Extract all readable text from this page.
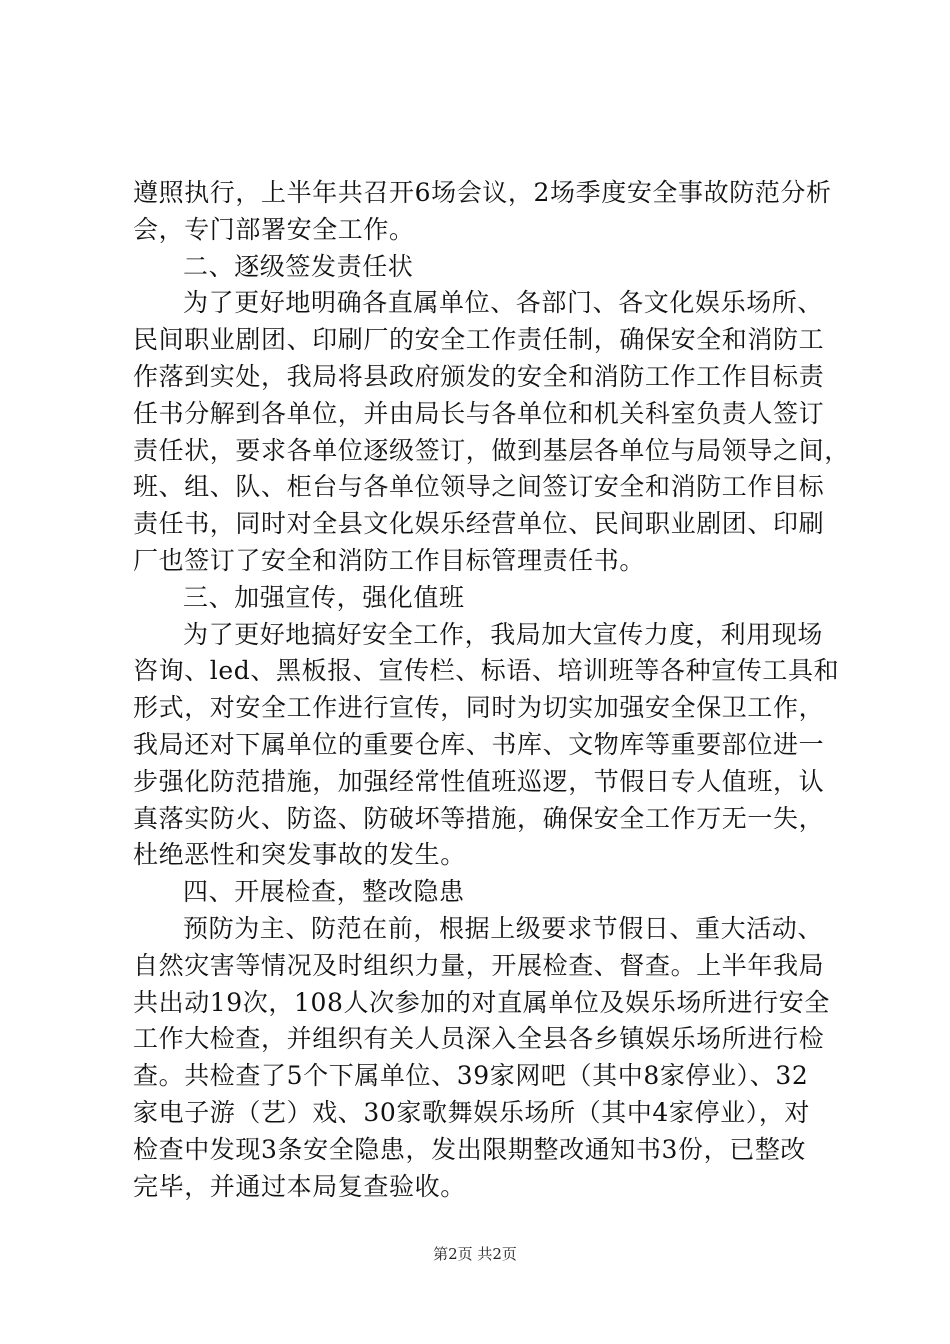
遵照执行，上半年共召开6场会议，2场季度安全事故防范分析
会，专门部署安全工作。
二、逐级签发责任状
为了更好地明确各直属单位、各部门、各文化娱乐场所、
民间职业剧团、印刷厂的安全工作责任制，确保安全和消防工
作落到实处，我局将县政府颁发的安全和消防工作工作目标责
任书分解到各单位，并由局长与各单位和机关科室负责人签订
责任状，要求各单位逐级签订，做到基层各单位与局领导之间，
班、组、队、柜台与各单位领导之间签订安全和消防工作目标
责任书，同时对全县文化娱乐经营单位、民间职业剧团、印刷
厂也签订了安全和消防工作目标管理责任书。
三、加强宣传，强化值班
为了更好地搞好安全工作，我局加大宣传力度，利用现场
咨询、led、黑板报、宣传栏、标语、培训班等各种宣传工具和
形式，对安全工作进行宣传，同时为切实加强安全保卫工作，
我局还对下属单位的重要仓库、书库、文物库等重要部位进一
步强化防范措施，加强经常性值班巡逻，节假日专人值班，认
真落实防火、防盗、防破坏等措施，确保安全工作万无一失，
杜绝恶性和突发事故的发生。
四、开展检查，整改隐患
预防为主、防范在前，根据上级要求节假日、重大活动、
自然灾害等情况及时组织力量，开展检查、督查。上半年我局
共出动19次，108人次参加的对直属单位及娱乐场所进行安全
工作大检查，并组织有关人员深入全县各乡镇娱乐场所进行检
查。共检查了5个下属单位、39家网吧（其中8家停业）、32
家电子游（艺）戏、30家歌舞娱乐场所（其中4家停业），对
检查中发现3条安全隐患，发出限期整改通知书3份，已整改
完毕，并通过本局复查验收。
第2页 共2页
